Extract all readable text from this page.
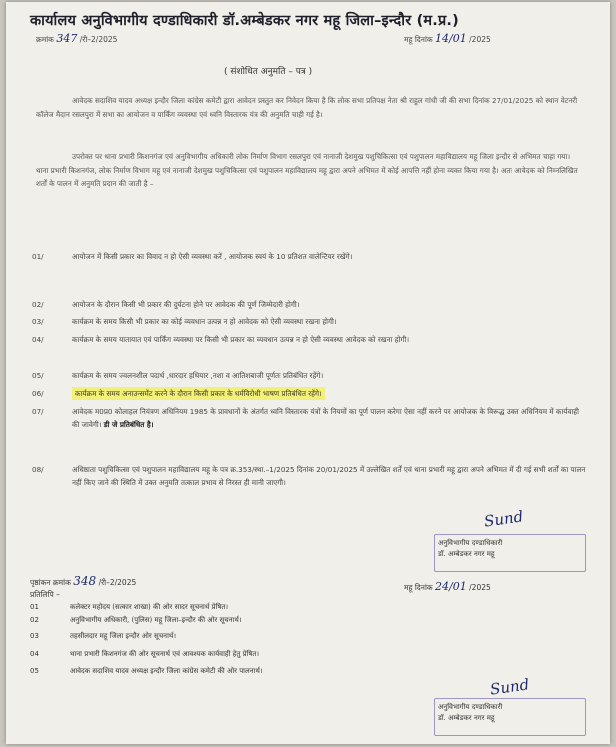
कार्यालय अनुविभागीय दण्डाधिकारी डॉ.अम्बेडकर नगर महू जिला–इन्दौर (म.प्र.)
क्रमांक 347 /री–2/2025	महू दिनांक 14/01 /2025
( संशोधित अनुमति – पत्र )
आवेदक सदाशिव यादव अध्यक्ष इन्दौर जिला कांग्रेस कमेटी द्वारा आवेदन प्रस्तुत कर निवेदन किया है कि लोक सभा प्रतिपक्ष नेता श्री राहुल गांधी जी की सभा दिनांक 27/01/2025 को स्थान वेटनरी कॉलेज मैदान रसलपुरा में सभा का आयोजन व पार्किंग व्यवस्था एवं ध्वनि विस्तारक यंत्र की अनुमति चाही गई है।
उपरोक्त पर थाना प्रभारी किशनगंज एवं अनुविभागीय अधिकारी लोक निर्माण विभाग रसलपुरा एवं नानाजी देशमुख पशुचिकित्सा एवं पशुपालन महाविद्यालय महू जिला इन्दौर से अभिमत चाहा गया। थाना प्रभारी किशनगंज, लोक निर्माण विभाग महू एवं नानाजी देशमुख पशुचिकित्सा एवं पशुपालन महाविद्यालय महू द्वारा अपने अभिमत में कोई आपत्ति नहीं होना व्यक्त किया गया है। अतः आवेदक को निम्नलिखित शर्तों के पालन में अनुमति प्रदान की जाती है –
01/	आयोजन में किसी प्रकार का विवाद न हो ऐसी व्यवस्था करें , आयोजक स्वयं के 10 प्रतिशत वालेन्टियर रखेंगे।
02/	आयोजन के दौरान किसी भी प्रकार की दुर्घटना होने पर आवेदक की पूर्ण जिम्मेदारी होगी।
03/	कार्यक्रम के समय किसी भी प्रकार का कोई व्यवधान उत्पन्न न हो आवेदक को ऐसी व्यवस्था रखना होगी।
04/	कार्यक्रम के समय यातायात एवं पार्किंग व्यवस्था पर किसी भी प्रकार का व्यवधान उत्पन्न न हो ऐसी व्यवस्था आवेदक को रखना होगी।
05/	कार्यक्रम के समय ज्वलनशील पदार्थ ,धारदार हथियार ,नशा व आतिशबाजी पूर्णतः प्रतिबंधित रहेंगे।
06/	कार्यक्रम के समय अनाउन्समेंट करने के दौरान किसी प्रकार के धर्मविरोधी भाषण प्रतिबंधित रहेंगे।
07/	आवेदक म0प्र0 कोलाहल नियंत्रण अधिनियम 1985 के प्रावधानों के अंतर्गत ध्वनि विस्तारक यंत्रों के नियमों का पूर्ण पालन करेगा ऐसा नहीं करने पर आयोजक के विरूद्ध उक्त अधिनियम में कार्यवाही की जावेगी। डी जे प्रतिबंधित है।
08/	अधिष्ठाता पशुचिकित्सा एवं पशुपालन महाविद्यालय महू के पत्र क्र.353/स्था.–1/2025 दिनांक 20/01/2025 में उल्लेखित शर्तें एवं थाना प्रभारी महू द्वारा अपने अभिमत में दी गई सभी शर्तों का पालन नहीं किए जाने की स्थिति में उक्त अनुमति तत्काल प्रभाव से निरस्त ही मानी जाएगी।
Sund
अनुविभागीय दण्डाधिकारी
डॉ. अम्बेडकर नगर महू
पृष्ठांकन क्रमांक 348 /री–2/2025
महू दिनांक 24/01 /2025
प्रतिलिपि –
01	कलेक्टर महोदय (सत्कार शाखा) की ओर सादर सूचनार्थ प्रेषित।
02	अनुविभागीय अधिकारी, (पुलिस) महू जिला–इन्दौर की ओर सूचनार्थ।
03	तहसीलदार महू जिला इन्दौर ओर सूचनार्थ।
04	थाना प्रभारी किशनगंज की ओर सूचनार्थ एवं आवश्यक कार्यवाही हेतु प्रेषित।
05	आवेदक सदाशिव यादव अध्यक्ष इन्दौर जिला कांग्रेस कमेटी की ओर पालनार्थ।
Sund
अनुविभागीय दण्डाधिकारी
डॉ. अम्बेडकर नगर महू
